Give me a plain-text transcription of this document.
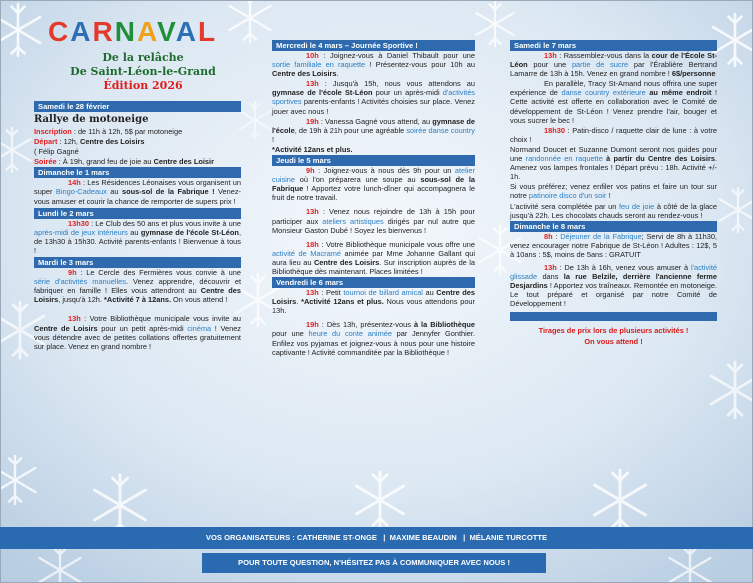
CARNAVAL
De la relâche
De Saint-Léon-le-Grand
Édition 2026
Samedi le 28 février
Rallye de motoneige

Inscription : de 11h à 12h, 5$ par motoneige

Départ : 12h, Centre des Loisirs

( Félip Gagné

Soirée : À 19h, grand feu de joie au Centre des Loisir

Dimanche le 1 mars

14h : Les Résidences Léonaises vous organisent un super Bingo-Cadeaux au sous-sol de la Fabrique ! Venez-vous amuser et courir la chance de remporter de supers prix !

Lundi le 2 mars

13h30 : Le Club des 50 ans et plus vous invite à une après-midi de jeux intérieurs au gymnase de l'école St-Léon, de 13h30 à 15h30. Activité parents-enfants ! Bienvenue à tous !

Mardi le 3 mars

9h : Le Cercle des Fermières vous convie à une série d'activités manuelles. Venez apprendre, découvrir et fabriquer en famille ! Elles vous attendront au Centre des Loisirs, jusqu'à 12h. *Activité 7 à 12ans. On vous attend !

13h : Votre Bibliothèque municipale vous invite au Centre de Loisirs pour un petit après-midi cinéma ! Venez vous détendre avec de petites collations offertes gratuitement sur place. Venez en grand nombre !

Mercredi le 4 mars – Journée Sportive !

10h : Joignez-vous à Daniel Thibault pour une sortie familiale en raquette ! Présentez-vous pour 10h au Centre des Loisirs.

13h : Jusqu'à 15h, nous vous attendons au gymnase de l'école St-Léon pour un après-midi d'activités sportives parents-enfants ! Activités choisies sur place. Venez jouer avec nous !

19h : Vanessa Gagné vous attend, au gymnase de l'école, de 19h à 21h pour une agréable soirée danse country !

*Activité 12ans et plus.

Jeudi le 5 mars

9h : Joignez-vous à nous dès 9h pour un atelier cuisine où l'on préparera une soupe au sous-sol de la Fabrique ! Apportez votre lunch-dîner qui accompagnera le fruit de notre travail.

13h : Venez nous rejoindre de 13h à 15h pour participer aux ateliers artistiques dirigés par nul autre que Monsieur Gaston Dubé ! Soyez les bienvenus !

18h : Votre Bibliothèque municipale vous offre une activité de Macramé animée par Mme Johanne Gallant qui aura lieu au Centre des Loisirs. Sur inscription auprès de la Bibliothèque dès maintenant. Places limitées !

Vendredi le 6 mars

13h : Petit tournoi de billard amical au Centre des Loisirs. *Activité 12ans et plus. Nous vous attendons pour 13h.

19h : Dès 13h, présentez-vous à la Bibliothèque pour une heure du conte animée par Jennyfer Gonthier. Enfilez vos pyjamas et joignez-vous à nous pour une histoire captivante ! Activité commanditée par la Bibliothèque !

Samedi le 7 mars

13h : Rassemblez-vous dans la cour de l'École St-Léon pour une partie de sucre par l'Érablière Bertrand Lamarre de 13h à 15h. Venez en grand nombre ! 6$/personne

En parallèle, Tracy St-Amand nous offrira une super expérience de danse country extérieure au même endroit ! Cette activité est offerte en collaboration avec le Comité de développement de St-Léon ! Venez prendre l'air, bouger et vous sucrer le bec !

18h30 : Patin-disco / raquette clair de lune : à votre choix !

Normand Doucet et Suzanne Dumont seront nos guides pour une randonnée en raquette à partir du Centre des Loisirs. Amenez vos lampes frontales ! Départ prévu : 18h. Activité +/- 1h.

Si vous préférez; venez enfiler vos patins et faire un tour sur notre patinoire disco d'un soir !

L'activité sera complétée par un feu de joie à côté de la glace jusqu'à 22h. Les chocolats chauds seront au rendez-vous !

Dimanche le 8 mars

8h : Déjeuner de la Fabrique; Servi de 8h à 11h30, venez encourager notre Fabrique de St-Léon ! Adultes : 12$, 5 à 10ans : 5$, moins de 5ans : GRATUIT

13h : De 13h à 16h, venez vous amuser à l'activité glissade dans la rue Belzile, derrière l'ancienne ferme Desjardins ! Apportez vos traîneaux. Remontée en motoneige. Le tout préparé et organisé par notre Comité de Développement !

Tirages de prix lors de plusieurs activités !

On vous attend !

VOS ORGANISATEURS : CATHERINE ST-ONGE | MAXIME BEAUDIN | MÉLANIE TURCOTTE
POUR TOUTE QUESTION, N'HÉSITEZ PAS À COMMUNIQUER AVEC NOUS !
